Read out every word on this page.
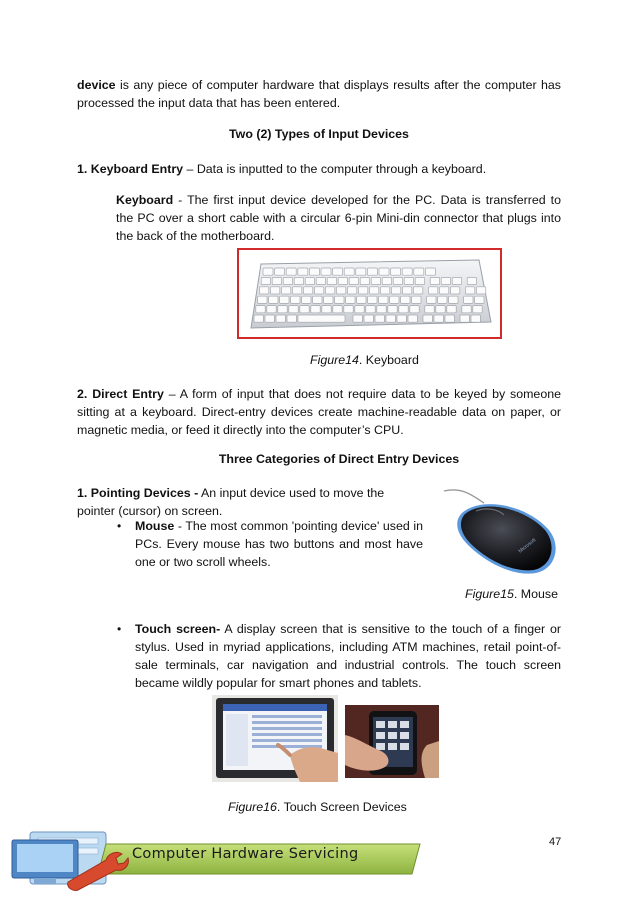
device is any piece of computer hardware that displays results after the computer has processed the input data that has been entered.
Two (2) Types of Input Devices
1. Keyboard Entry – Data is inputted to the computer through a keyboard.
Keyboard - The first input device developed for the PC. Data is transferred to the PC over a short cable with a circular 6-pin Mini-din connector that plugs into the back of the motherboard.
Figure14. Keyboard
2. Direct Entry – A form of input that does not require data to be keyed by someone sitting at a keyboard. Direct-entry devices create machine-readable data on paper, or magnetic media, or feed it directly into the computer’s CPU.
Three Categories of Direct Entry Devices
1. Pointing Devices - An input device used to move the pointer (cursor) on screen.
• Mouse - The most common 'pointing device' used in PCs. Every mouse has two buttons and most have one or two scroll wheels.
Microsoft
Figure15. Mouse
• Touch screen- A display screen that is sensitive to the touch of a finger or stylus. Used in myriad applications, including ATM machines, retail point-of-sale terminals, car navigation and industrial controls. The touch screen became wildly popular for smart phones and tablets.
Figure16. Touch Screen Devices
47
Computer Hardware Servicing
